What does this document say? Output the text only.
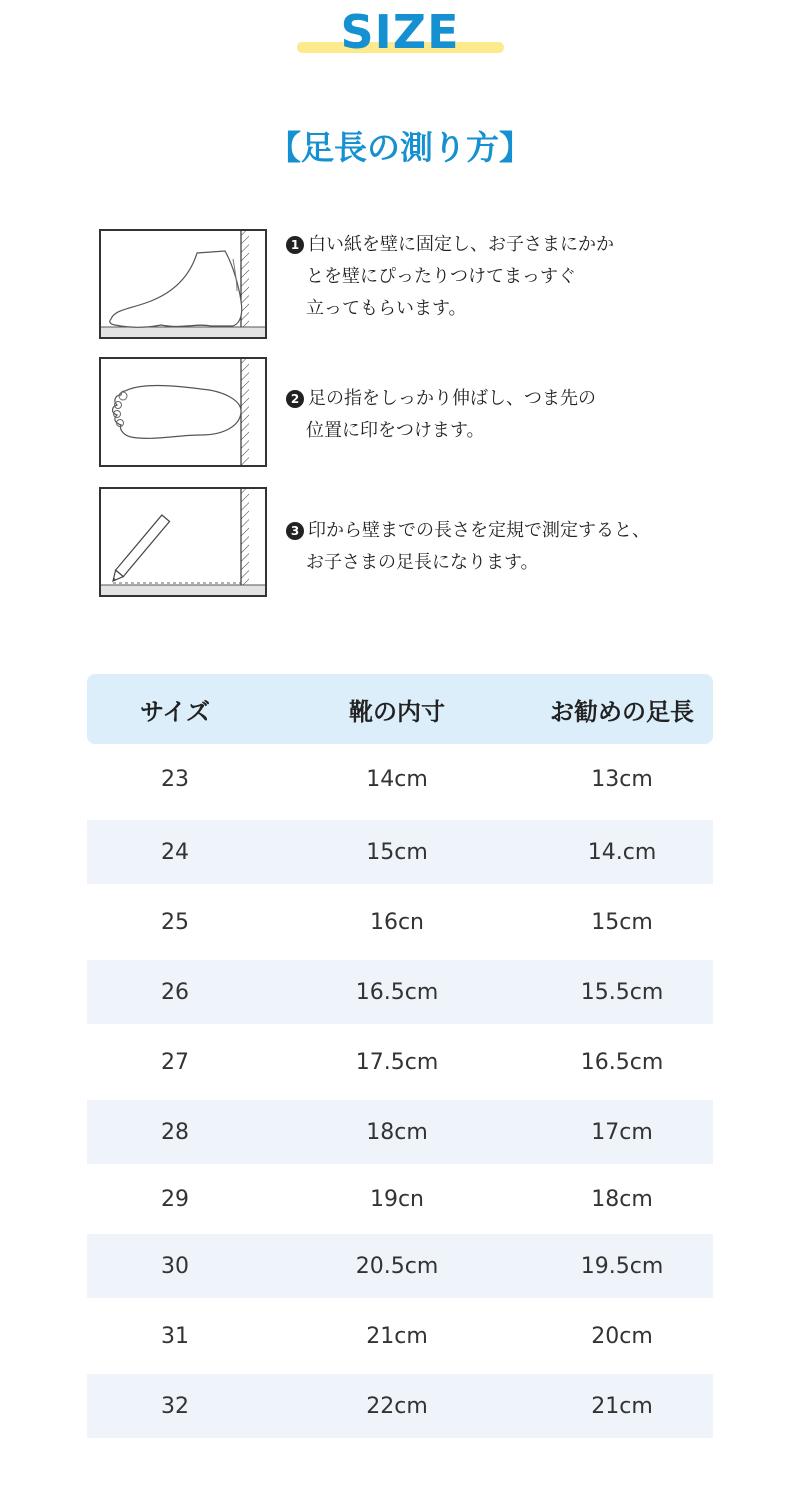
SIZE
【足長の測り方】
1 白い紙を壁に固定し、お子さまにかか
とを壁にぴったりつけてまっすぐ
立ってもらいます。
2 足の指をしっかり伸ばし、つま先の
位置に印をつけます。
3 印から壁までの長さを定規で測定すると、
お子さまの足長になります。
サイズ	靴の内寸	お勧めの足長
23	14cm	13cm
24	15cm	14.cm
25	16cn	15cm
26	16.5cm	15.5cm
27	17.5cm	16.5cm
28	18cm	17cm
29	19cn	18cm
30	20.5cm	19.5cm
31	21cm	20cm
32	22cm	21cm
